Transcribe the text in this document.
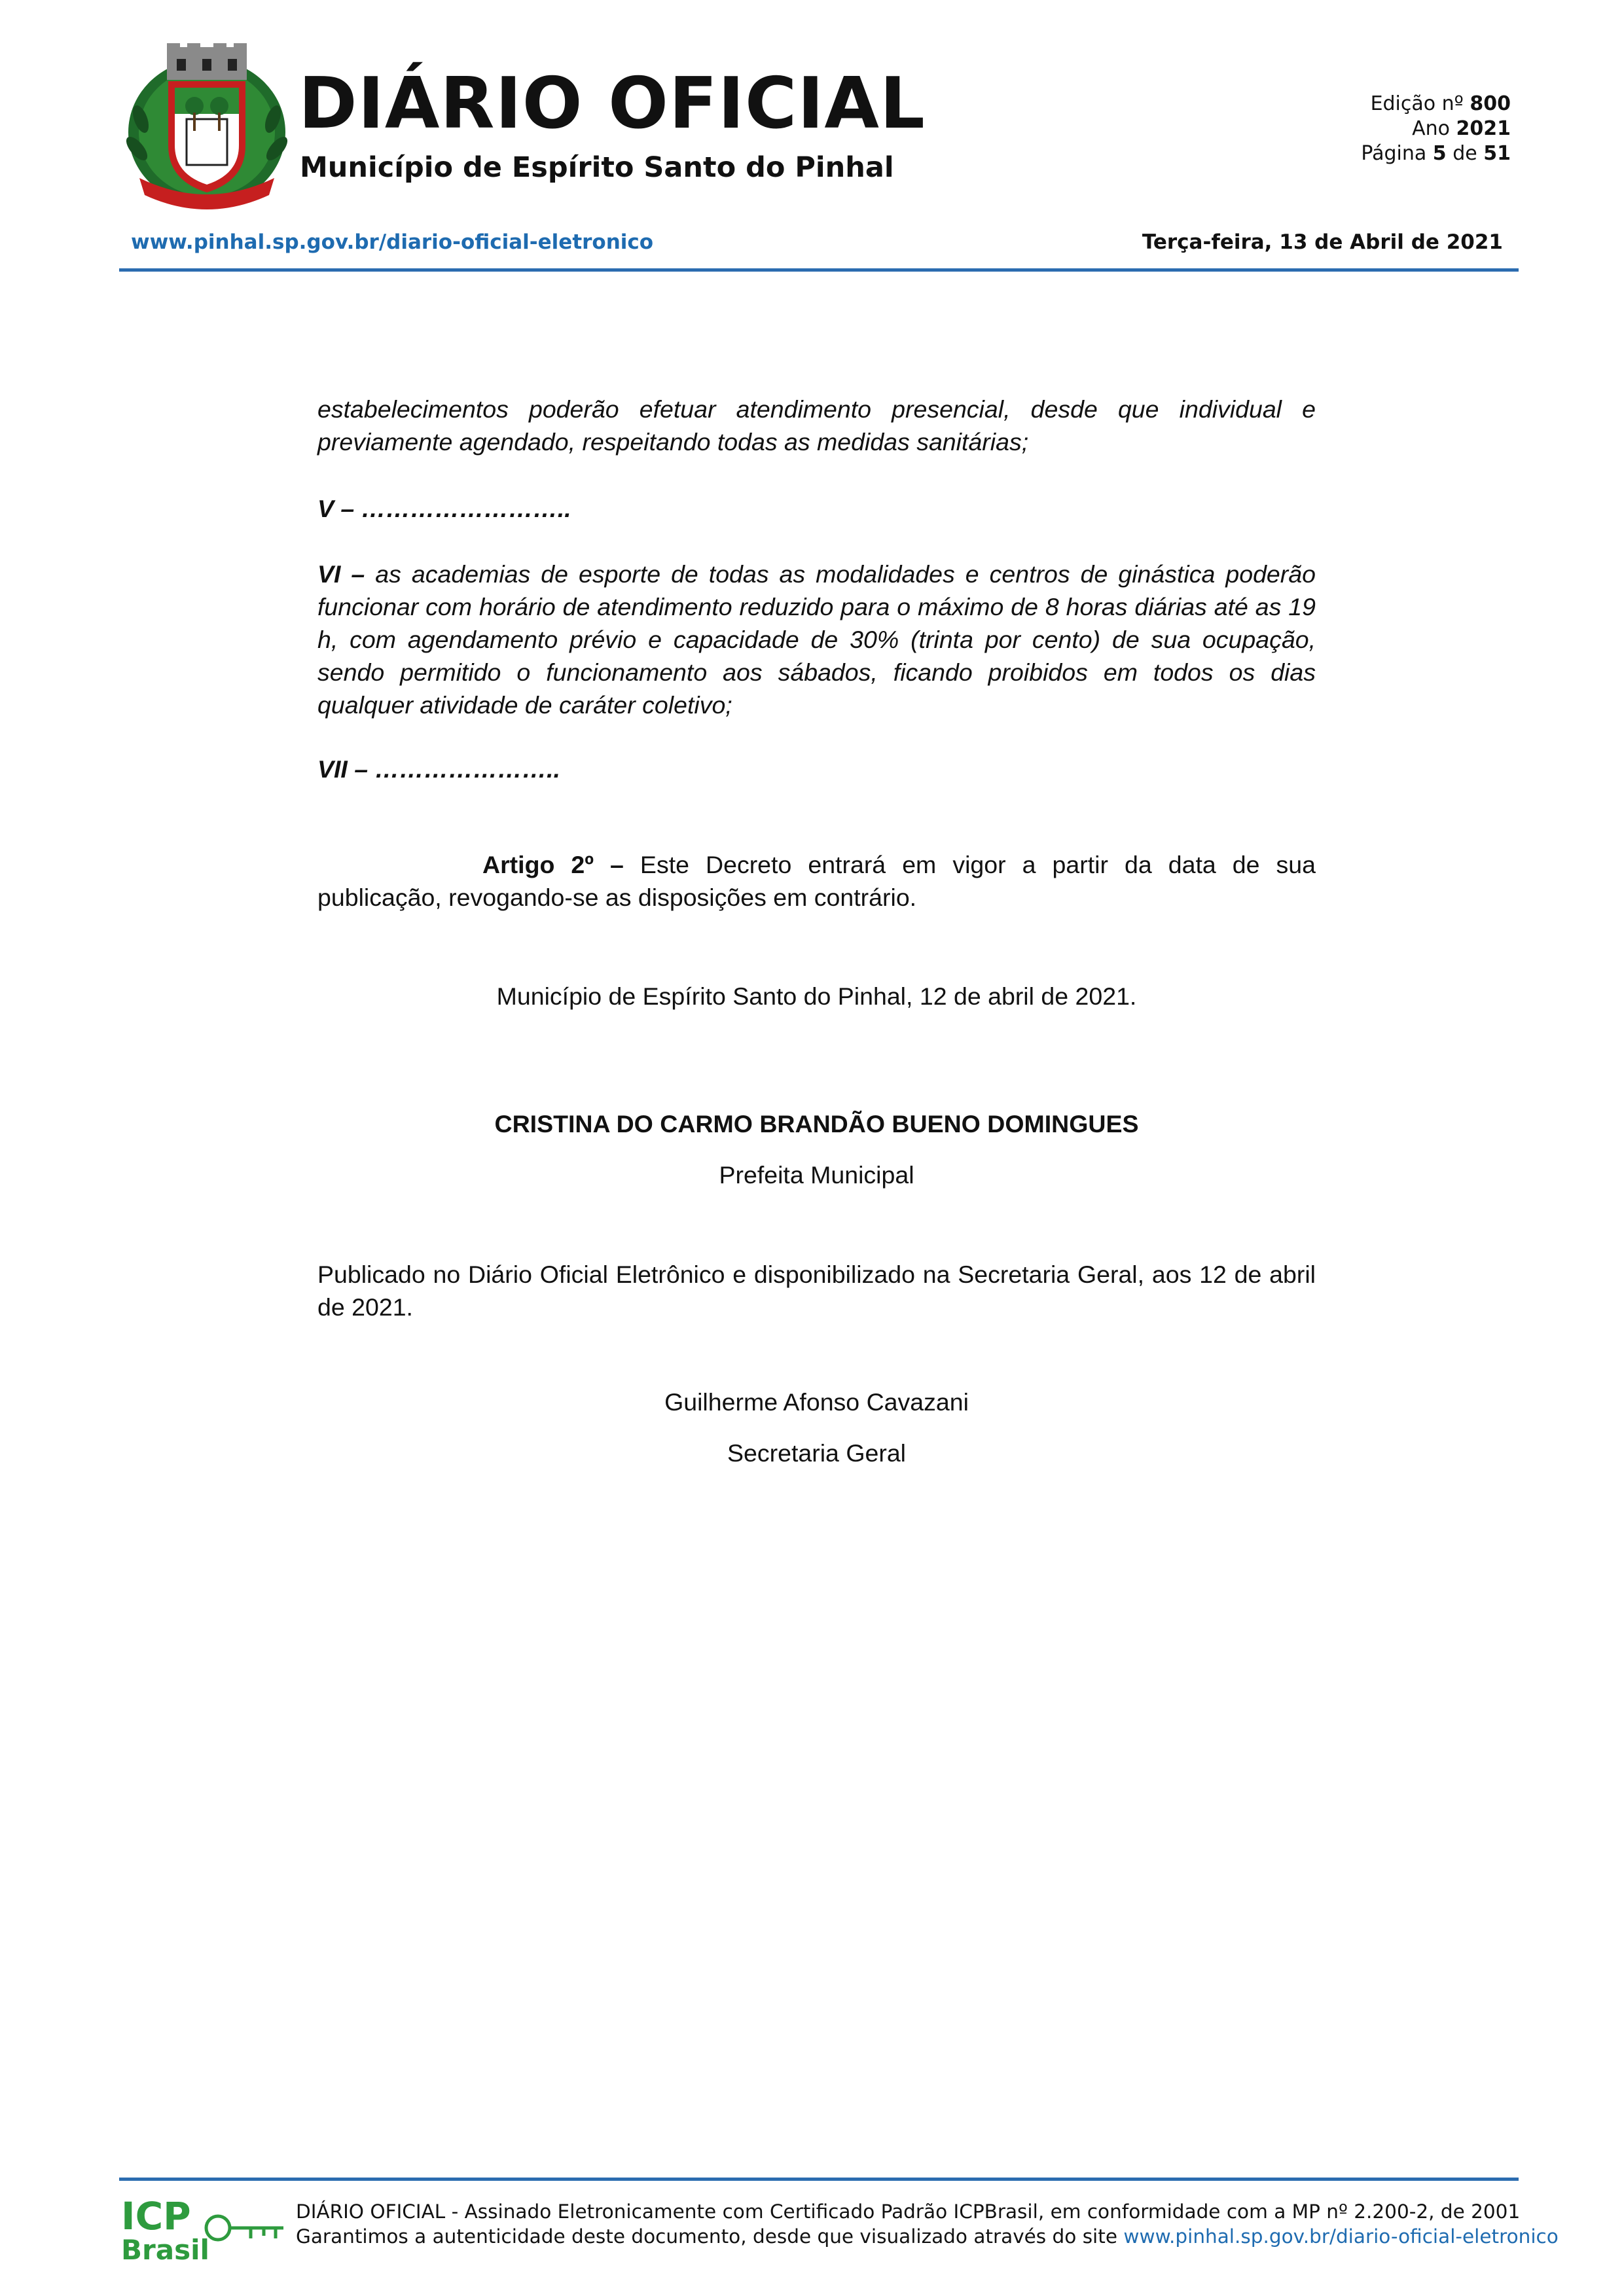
DIÁRIO OFICIAL
Município de Espírito Santo do Pinhal
Edição nº 800
Ano 2021
Página 5 de 51
www.pinhal.sp.gov.br/diario-oficial-eletronico	Terça-feira, 13 de Abril de 2021
estabelecimentos poderão efetuar atendimento presencial, desde que individual e previamente agendado, respeitando todas as medidas sanitárias;
V – ……………………..
VI – as academias de esporte de todas as modalidades e centros de ginástica poderão funcionar com horário de atendimento reduzido para o máximo de 8 horas diárias até as 19 h, com agendamento prévio e capacidade de 30% (trinta por cento) de sua ocupação, sendo permitido o funcionamento aos sábados, ficando proibidos em todos os dias qualquer atividade de caráter coletivo;
VII – …………………..
Artigo 2º – Este Decreto entrará em vigor a partir da data de sua publicação, revogando-se as disposições em contrário.
Município de Espírito Santo do Pinhal, 12 de abril de 2021.
CRISTINA DO CARMO BRANDÃO BUENO DOMINGUES
Prefeita Municipal
Publicado no Diário Oficial Eletrônico e disponibilizado na Secretaria Geral, aos 12 de abril de 2021.
Guilherme Afonso Cavazani
Secretaria Geral
ICP
Brasil
DIÁRIO OFICIAL - Assinado Eletronicamente com Certificado Padrão ICPBrasil, em conformidade com a MP nº 2.200-2, de 2001
Garantimos a autenticidade deste documento, desde que visualizado através do site www.pinhal.sp.gov.br/diario-oficial-eletronico
